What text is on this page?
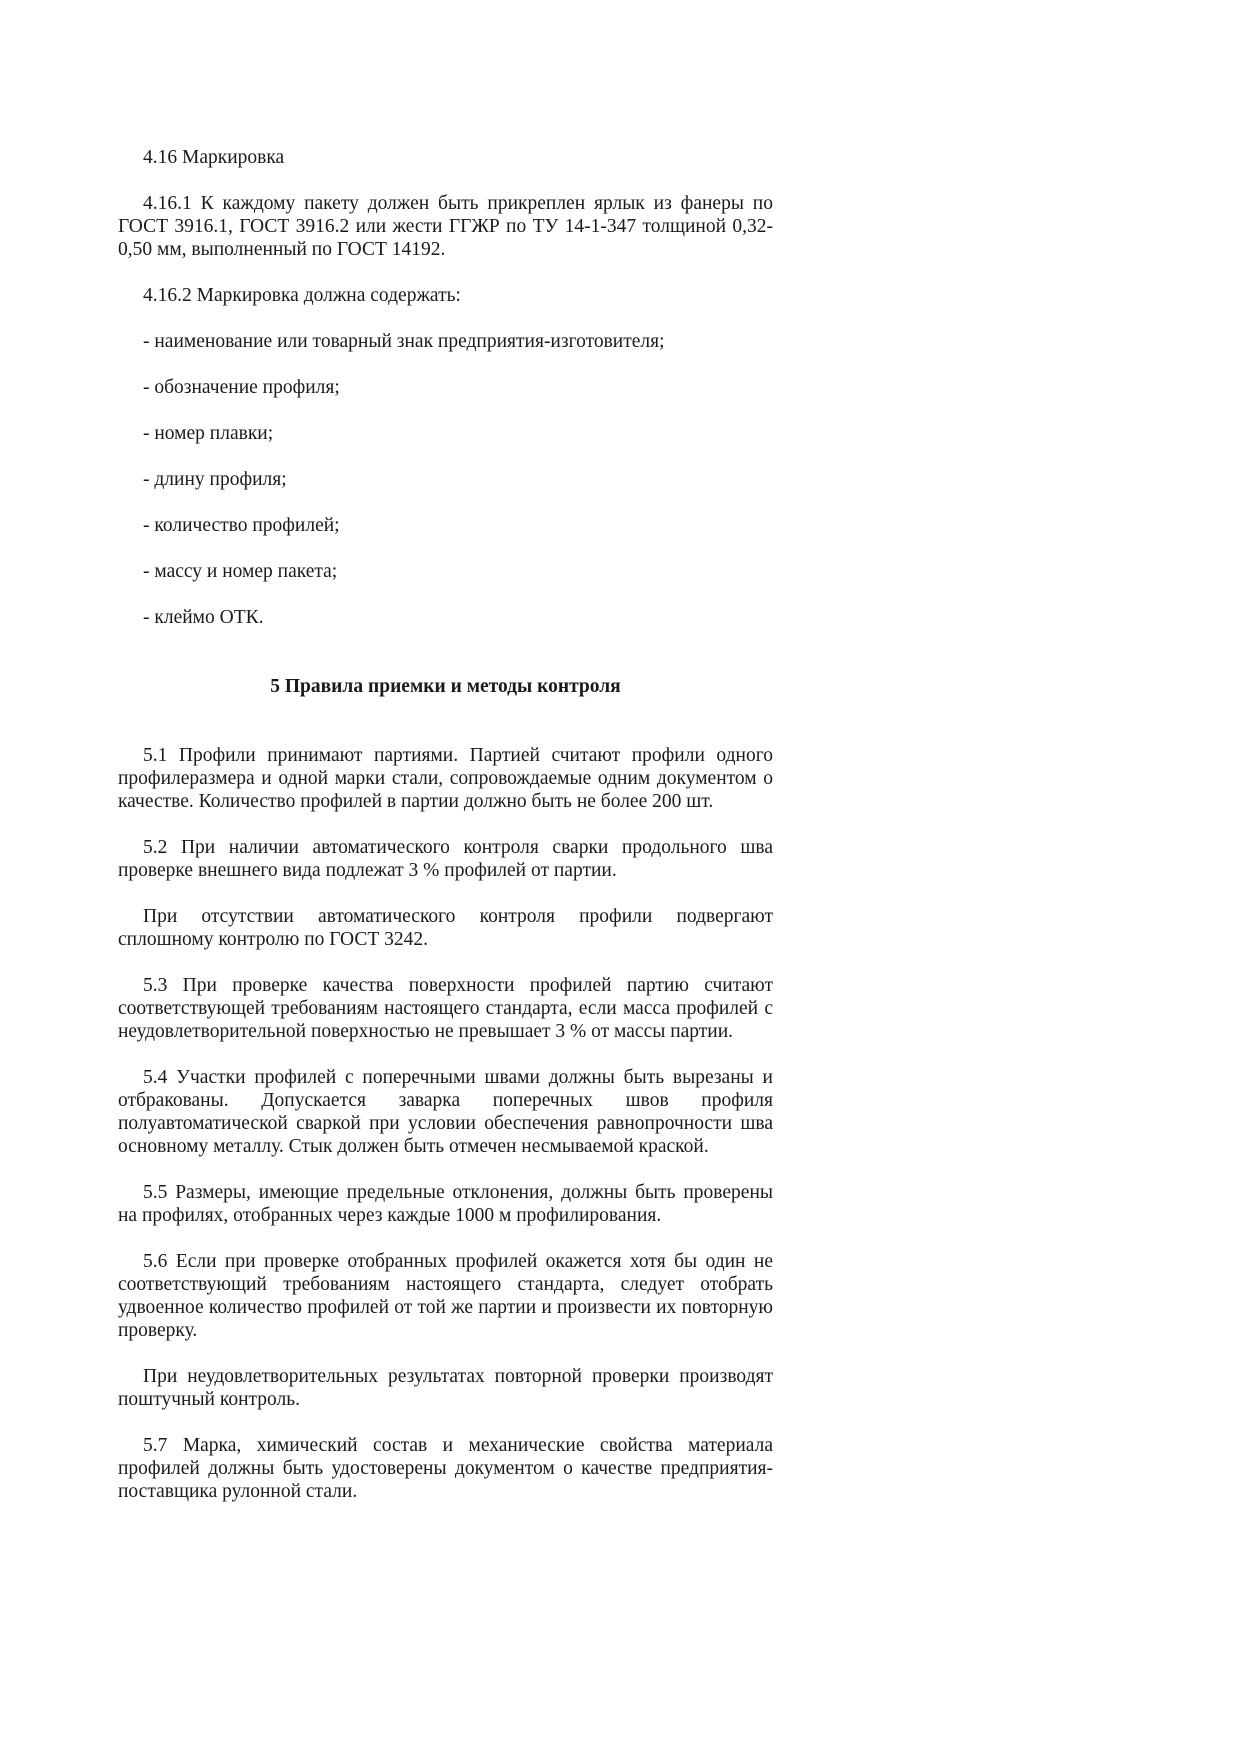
4.16 Маркировка

4.16.1 К каждому пакету должен быть прикреплен ярлык из фанеры по ГОСТ 3916.1, ГОСТ 3916.2 или жести ГГЖР по ТУ 14-1-347 толщиной 0,32-0,50 мм, выполненный по ГОСТ 14192.

4.16.2 Маркировка должна содержать:

- наименование или товарный знак предприятия-изготовителя;

- обозначение профиля;

- номер плавки;

- длину профиля;

- количество профилей;

- массу и номер пакета;

- клеймо ОТК.

5 Правила приемки и методы контроля

5.1 Профили принимают партиями. Партией считают профили одного профилеразмера и одной марки стали, сопровождаемые одним документом о качестве. Количество профилей в партии должно быть не более 200 шт.

5.2 При наличии автоматического контроля сварки продольного шва проверке внешнего вида подлежат 3 % профилей от партии.

При отсутствии автоматического контроля профили подвергают сплошному контролю по ГОСТ 3242.

5.3 При проверке качества поверхности профилей партию считают соответствующей требованиям настоящего стандарта, если масса профилей с неудовлетворительной поверхностью не превышает 3 % от массы партии.

5.4 Участки профилей с поперечными швами должны быть вырезаны и отбракованы. Допускается заварка поперечных швов профиля полуавтоматической сваркой при условии обеспечения равнопрочности шва основному металлу. Стык должен быть отмечен несмываемой краской.

5.5 Размеры, имеющие предельные отклонения, должны быть проверены на профилях, отобранных через каждые 1000 м профилирования.

5.6 Если при проверке отобранных профилей окажется хотя бы один не соответствующий требованиям настоящего стандарта, следует отобрать удвоенное количество профилей от той же партии и произвести их повторную проверку.

При неудовлетворительных результатах повторной проверки производят поштучный контроль.

5.7 Марка, химический состав и механические свойства материала профилей должны быть удостоверены документом о качестве предприятия-поставщика рулонной стали.
